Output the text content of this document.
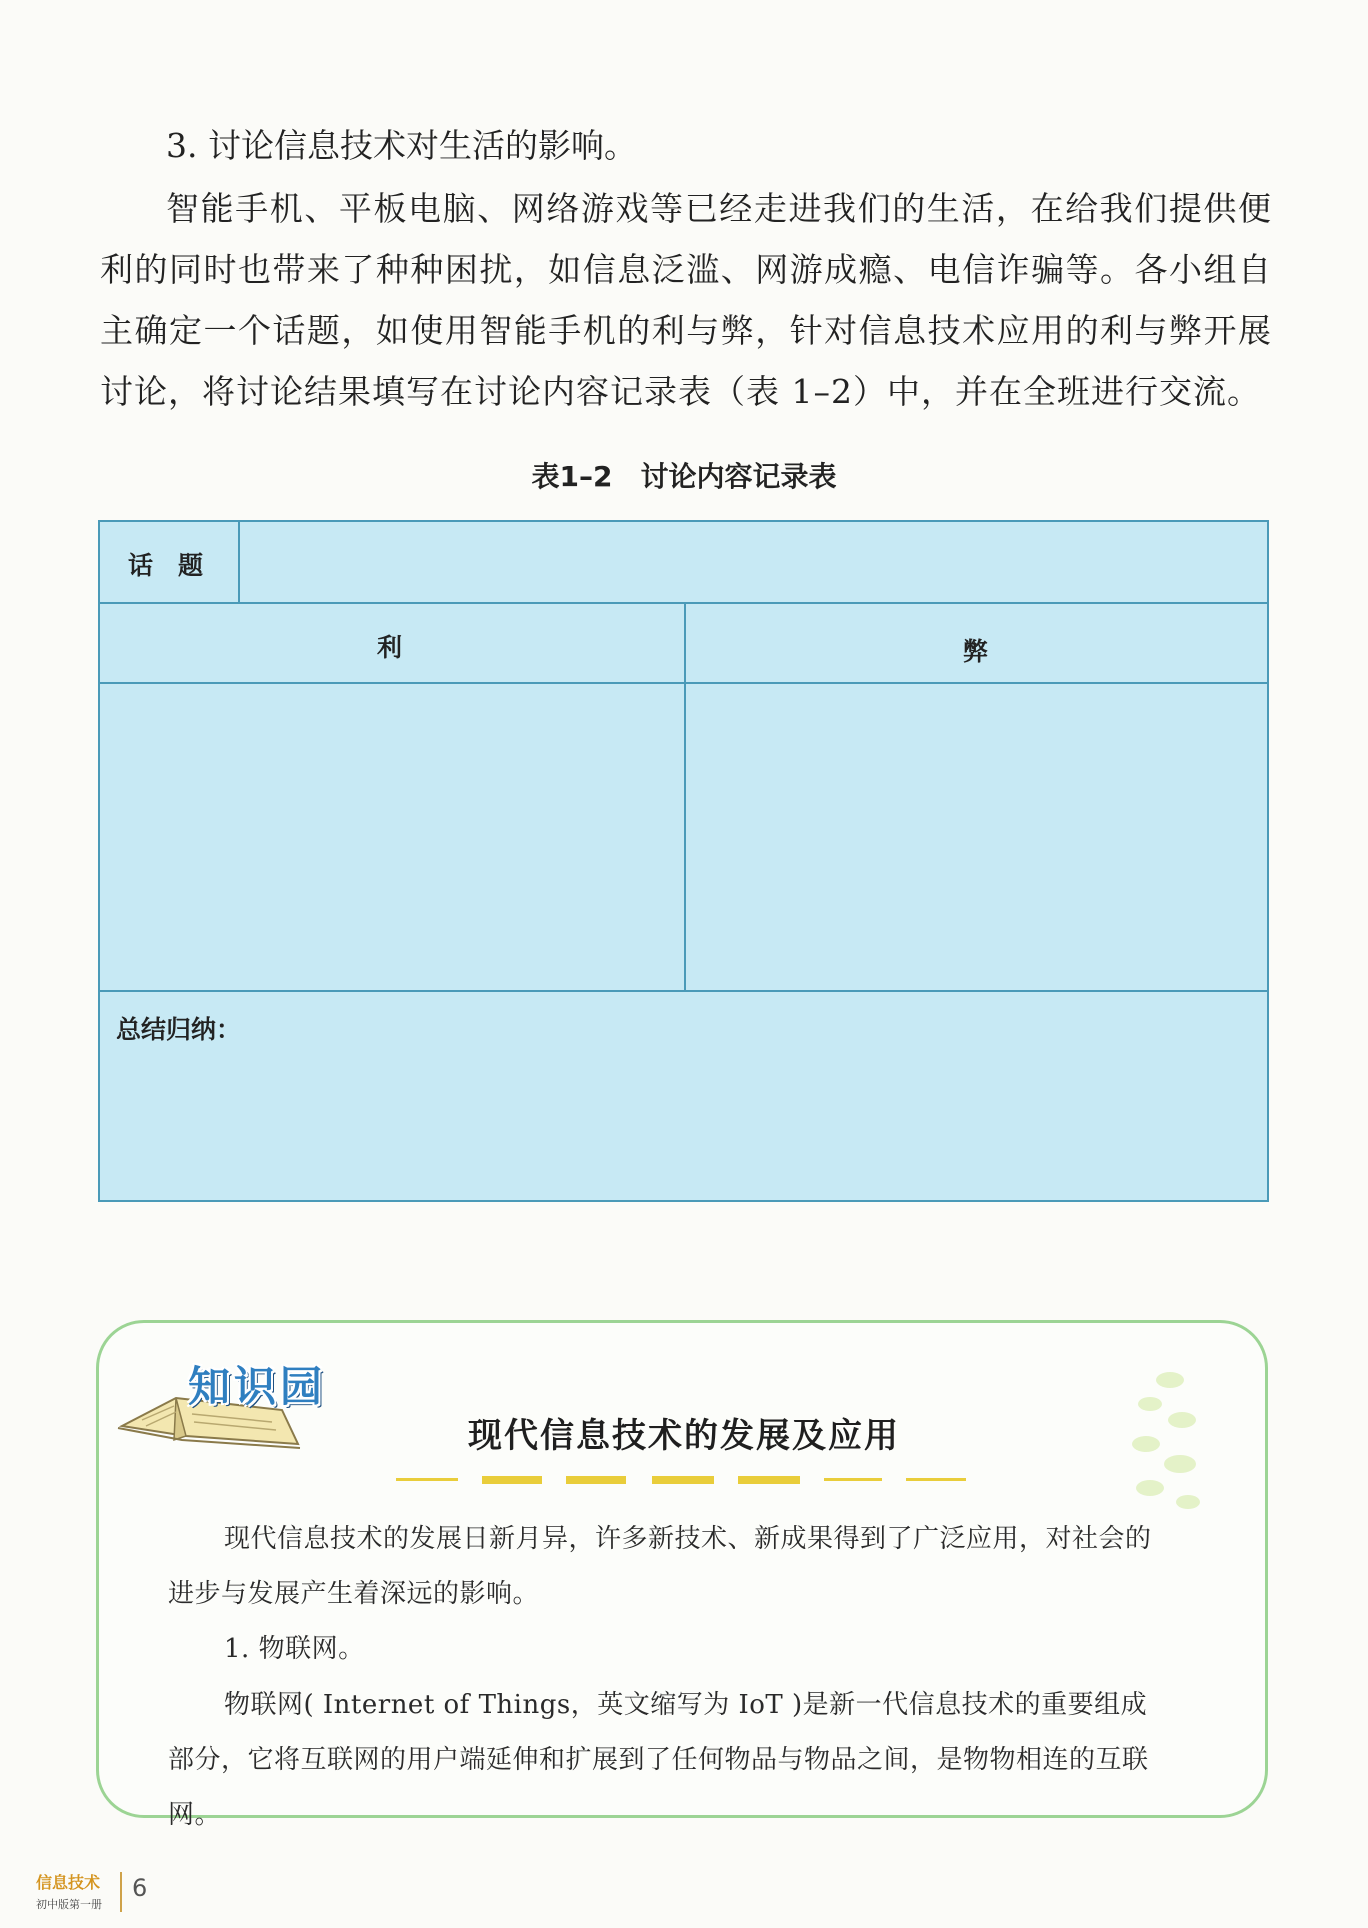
3. 讨论信息技术对生活的影响。
智能手机、平板电脑、网络游戏等已经走进我们的生活，在给我们提供便利的同时也带来了种种困扰，如信息泛滥、网游成瘾、电信诈骗等。各小组自主确定一个话题，如使用智能手机的利与弊，针对信息技术应用的利与弊开展讨论，将讨论结果填写在讨论内容记录表（表 1–2）中，并在全班进行交流。
表1–2 讨论内容记录表
话　题
利	弊
总结归纳：
知识园
现代信息技术的发展及应用
现代信息技术的发展日新月异，许多新技术、新成果得到了广泛应用，对社会的进步与发展产生着深远的影响。
1. 物联网。
物联网( Internet of Things，英文缩写为 IoT )是新一代信息技术的重要组成部分，它将互联网的用户端延伸和扩展到了任何物品与物品之间，是物物相连的互联网。
信息技术
初中版第一册
6
